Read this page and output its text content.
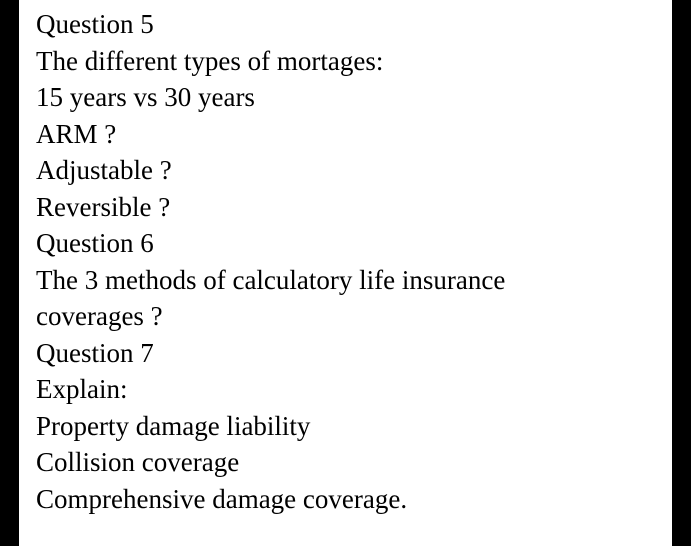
Question 5
The different types of mortages:
15 years vs 30 years
ARM ?
Adjustable ?
Reversible ?
Question 6
The 3 methods of calculatory life insurance
coverages ?
Question 7
Explain:
Property damage liability
Collision coverage
Comprehensive damage coverage.
